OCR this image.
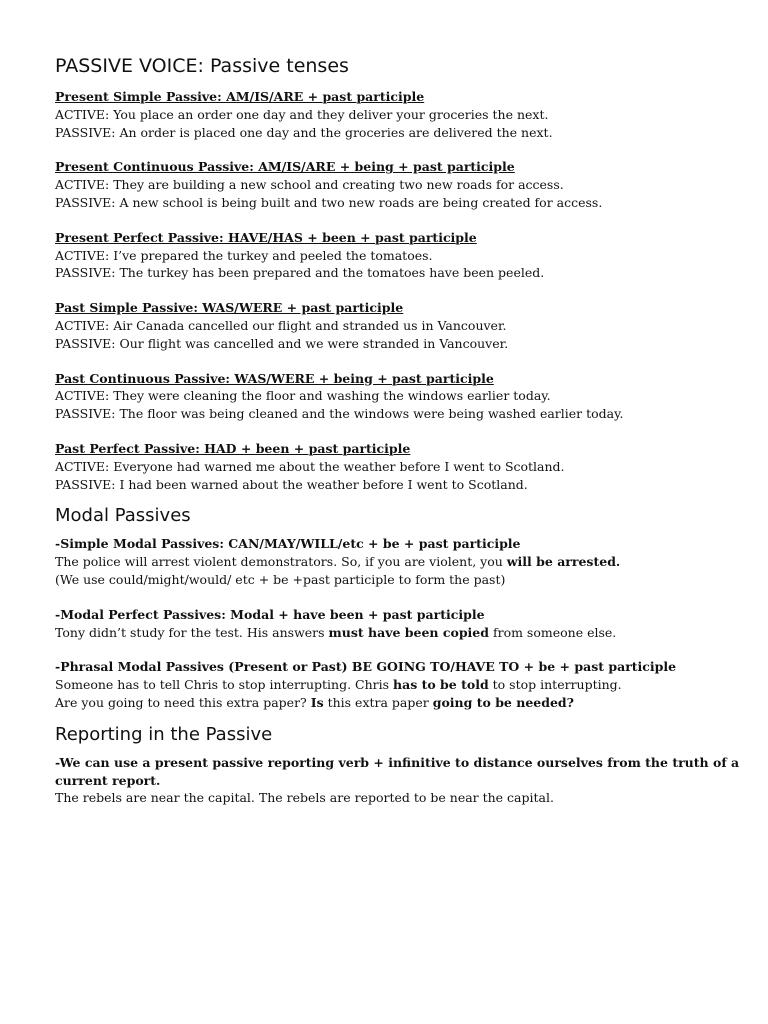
PASSIVE VOICE: Passive tenses
Present Simple Passive: AM/IS/ARE + past participle
ACTIVE: You place an order one day and they deliver your groceries the next.
PASSIVE: An order is placed one day and the groceries are delivered the next.
Present Continuous Passive: AM/IS/ARE + being + past participle
ACTIVE: They are building a new school and creating two new roads for access.
PASSIVE: A new school is being built and two new roads are being created for access.
Present Perfect Passive: HAVE/HAS + been + past participle
ACTIVE: I’ve prepared the turkey and peeled the tomatoes.
PASSIVE: The turkey has been prepared and the tomatoes have been peeled.
Past Simple Passive: WAS/WERE + past participle
ACTIVE: Air Canada cancelled our flight and stranded us in Vancouver.
PASSIVE: Our flight was cancelled and we were stranded in Vancouver.
Past Continuous Passive: WAS/WERE + being + past participle
ACTIVE: They were cleaning the floor and washing the windows earlier today.
PASSIVE: The floor was being cleaned and the windows were being washed earlier today.
Past Perfect Passive: HAD + been + past participle
ACTIVE: Everyone had warned me about the weather before I went to Scotland.
PASSIVE: I had been warned about the weather before I went to Scotland.
Modal Passives
-Simple Modal Passives: CAN/MAY/WILL/etc + be + past participle
The police will arrest violent demonstrators. So, if you are violent, you will be arrested.
(We use could/might/would/ etc + be +past participle to form the past)
-Modal Perfect Passives: Modal + have been + past participle
Tony didn’t study for the test. His answers must have been copied from someone else.
-Phrasal Modal Passives (Present or Past) BE GOING TO/HAVE TO + be + past participle
Someone has to tell Chris to stop interrupting. Chris has to be told to stop interrupting.
Are you going to need this extra paper? Is this extra paper going to be needed?
Reporting in the Passive
-We can use a present passive reporting verb + infinitive to distance ourselves from the truth of a current report.
The rebels are near the capital. The rebels are reported to be near the capital.
